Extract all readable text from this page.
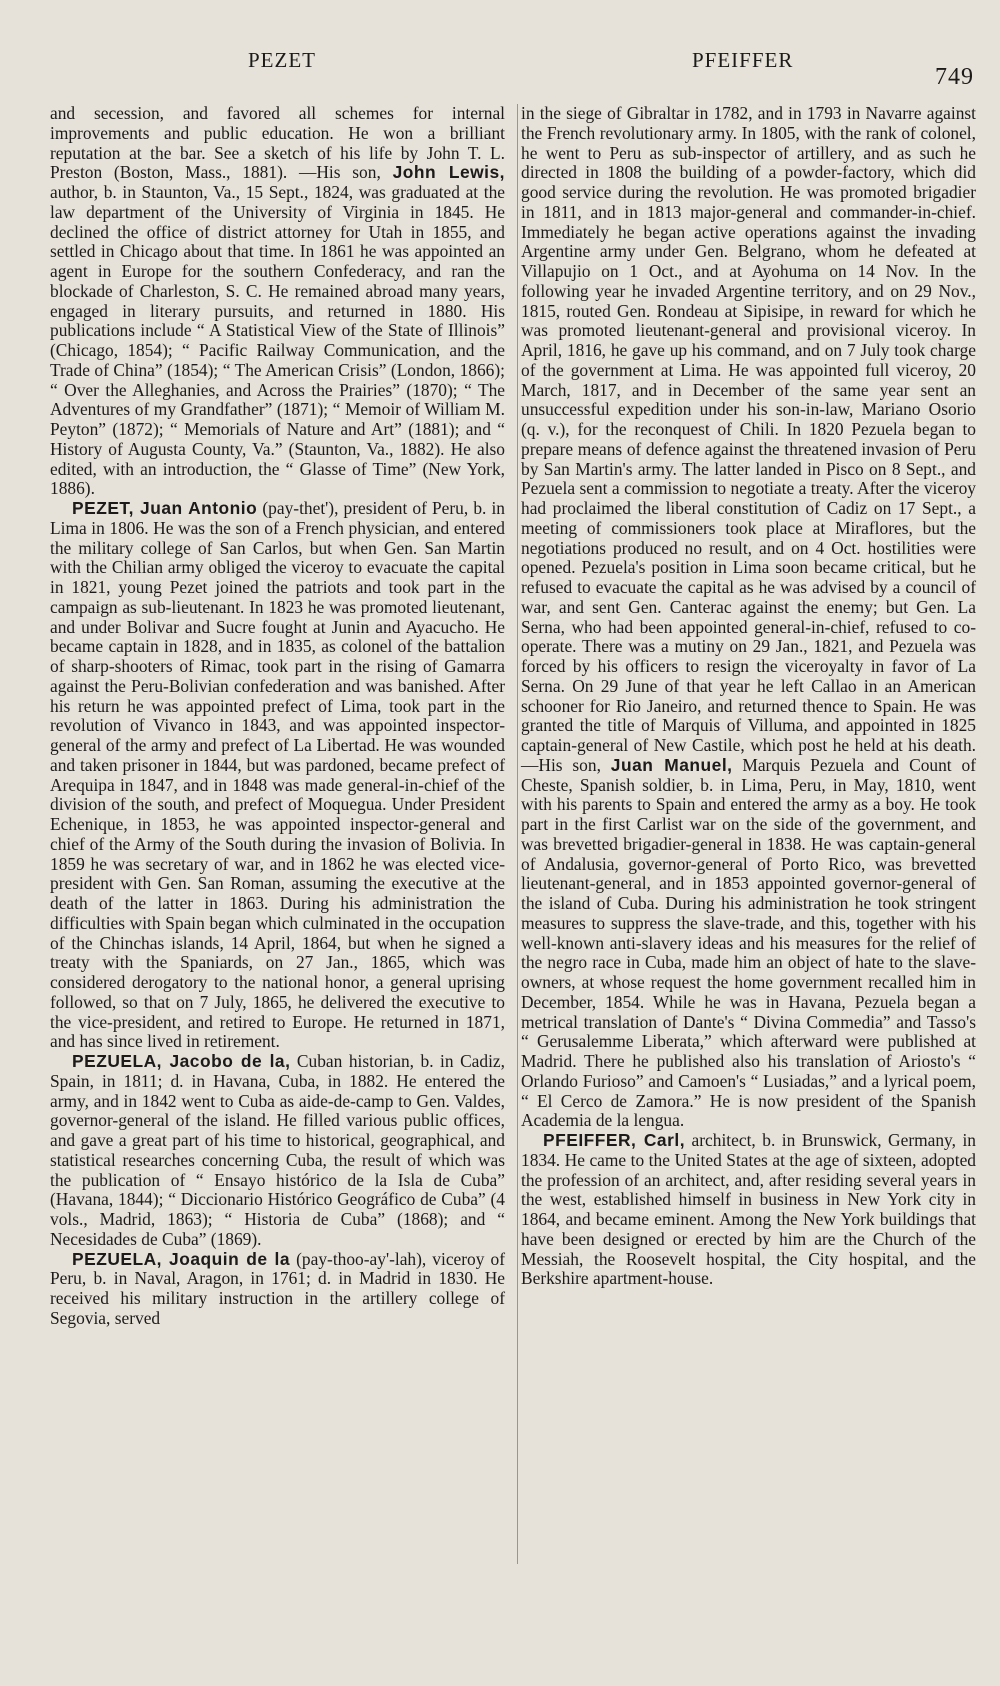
PEZET	PFEIFFER
749

and secession, and favored all schemes for internal improvements and public education. He won a brilliant reputation at the bar. See a sketch of his life by John T. L. Preston (Boston, Mass., 1881). —His son, John Lewis, author, b. in Staunton, Va., 15 Sept., 1824, was graduated at the law department of the University of Virginia in 1845. He declined the office of district attorney for Utah in 1855, and settled in Chicago about that time. In 1861 he was appointed an agent in Europe for the southern Confederacy, and ran the blockade of Charleston, S. C. He remained abroad many years, engaged in literary pursuits, and returned in 1880. His publications include “ A Statistical View of the State of Illinois” (Chicago, 1854); “ Pacific Railway Communication, and the Trade of China” (1854); “ The American Crisis” (London, 1866); “ Over the Alleghanies, and Across the Prairies” (1870); “ The Adventures of my Grandfather” (1871); “ Memoir of William M. Peyton” (1872); “ Memorials of Nature and Art” (1881); and “ History of Augusta County, Va.” (Staunton, Va., 1882). He also edited, with an introduction, the “ Glasse of Time” (New York, 1886).

PEZET, Juan Antonio (pay-thet'), president of Peru, b. in Lima in 1806. He was the son of a French physician, and entered the military college of San Carlos, but when Gen. San Martin with the Chilian army obliged the viceroy to evacuate the capital in 1821, young Pezet joined the patriots and took part in the campaign as sub-lieutenant. In 1823 he was promoted lieutenant, and under Bolivar and Sucre fought at Junin and Ayacucho. He became captain in 1828, and in 1835, as colonel of the battalion of sharp-shooters of Rimac, took part in the rising of Gamarra against the Peru-Bolivian confederation and was banished. After his return he was appointed prefect of Lima, took part in the revolution of Vivanco in 1843, and was appointed inspector-general of the army and prefect of La Libertad. He was wounded and taken prisoner in 1844, but was pardoned, became prefect of Arequipa in 1847, and in 1848 was made general-in-chief of the division of the south, and prefect of Moquegua. Under President Echenique, in 1853, he was appointed inspector-general and chief of the Army of the South during the invasion of Bolivia. In 1859 he was secretary of war, and in 1862 he was elected vice-president with Gen. San Roman, assuming the executive at the death of the latter in 1863. During his administration the difficulties with Spain began which culminated in the occupation of the Chinchas islands, 14 April, 1864, but when he signed a treaty with the Spaniards, on 27 Jan., 1865, which was considered derogatory to the national honor, a general uprising followed, so that on 7 July, 1865, he delivered the executive to the vice-president, and retired to Europe. He returned in 1871, and has since lived in retirement.

PEZUELA, Jacobo de la, Cuban historian, b. in Cadiz, Spain, in 1811; d. in Havana, Cuba, in 1882. He entered the army, and in 1842 went to Cuba as aide-de-camp to Gen. Valdes, governor-general of the island. He filled various public offices, and gave a great part of his time to historical, geographical, and statistical researches concerning Cuba, the result of which was the publication of “ Ensayo histórico de la Isla de Cuba” (Havana, 1844); “ Diccionario Histórico Geográfico de Cuba” (4 vols., Madrid, 1863); “ Historia de Cuba” (1868); and “ Necesidades de Cuba” (1869).

PEZUELA, Joaquin de la (pay-thoo-ay'-lah), viceroy of Peru, b. in Naval, Aragon, in 1761; d. in Madrid in 1830. He received his military instruction in the artillery college of Segovia, served

in the siege of Gibraltar in 1782, and in 1793 in Navarre against the French revolutionary army. In 1805, with the rank of colonel, he went to Peru as sub-inspector of artillery, and as such he directed in 1808 the building of a powder-factory, which did good service during the revolution. He was promoted brigadier in 1811, and in 1813 major-general and commander-in-chief. Immediately he began active operations against the invading Argentine army under Gen. Belgrano, whom he defeated at Villapujio on 1 Oct., and at Ayohuma on 14 Nov. In the following year he invaded Argentine territory, and on 29 Nov., 1815, routed Gen. Rondeau at Sipisipe, in reward for which he was promoted lieutenant-general and provisional viceroy. In April, 1816, he gave up his command, and on 7 July took charge of the government at Lima. He was appointed full viceroy, 20 March, 1817, and in December of the same year sent an unsuccessful expedition under his son-in-law, Mariano Osorio (q. v.), for the reconquest of Chili. In 1820 Pezuela began to prepare means of defence against the threatened invasion of Peru by San Martin's army. The latter landed in Pisco on 8 Sept., and Pezuela sent a commission to negotiate a treaty. After the viceroy had proclaimed the liberal constitution of Cadiz on 17 Sept., a meeting of commissioners took place at Miraflores, but the negotiations produced no result, and on 4 Oct. hostilities were opened. Pezuela's position in Lima soon became critical, but he refused to evacuate the capital as he was advised by a council of war, and sent Gen. Canterac against the enemy; but Gen. La Serna, who had been appointed general-in-chief, refused to co-operate. There was a mutiny on 29 Jan., 1821, and Pezuela was forced by his officers to resign the viceroyalty in favor of La Serna. On 29 June of that year he left Callao in an American schooner for Rio Janeiro, and returned thence to Spain. He was granted the title of Marquis of Villuma, and appointed in 1825 captain-general of New Castile, which post he held at his death.—His son, Juan Manuel, Marquis Pezuela and Count of Cheste, Spanish soldier, b. in Lima, Peru, in May, 1810, went with his parents to Spain and entered the army as a boy. He took part in the first Carlist war on the side of the government, and was brevetted brigadier-general in 1838. He was captain-general of Andalusia, governor-general of Porto Rico, was brevetted lieutenant-general, and in 1853 appointed governor-general of the island of Cuba. During his administration he took stringent measures to suppress the slave-trade, and this, together with his well-known anti-slavery ideas and his measures for the relief of the negro race in Cuba, made him an object of hate to the slave-owners, at whose request the home government recalled him in December, 1854. While he was in Havana, Pezuela began a metrical translation of Dante's “ Divina Commedia” and Tasso's “ Gerusalemme Liberata,” which afterward were published at Madrid. There he published also his translation of Ariosto's “ Orlando Furioso” and Camoen's “ Lusiadas,” and a lyrical poem, “ El Cerco de Zamora.” He is now president of the Spanish Academia de la lengua.

PFEIFFER, Carl, architect, b. in Brunswick, Germany, in 1834. He came to the United States at the age of sixteen, adopted the profession of an architect, and, after residing several years in the west, established himself in business in New York city in 1864, and became eminent. Among the New York buildings that have been designed or erected by him are the Church of the Messiah, the Roosevelt hospital, the City hospital, and the Berkshire apartment-house.
